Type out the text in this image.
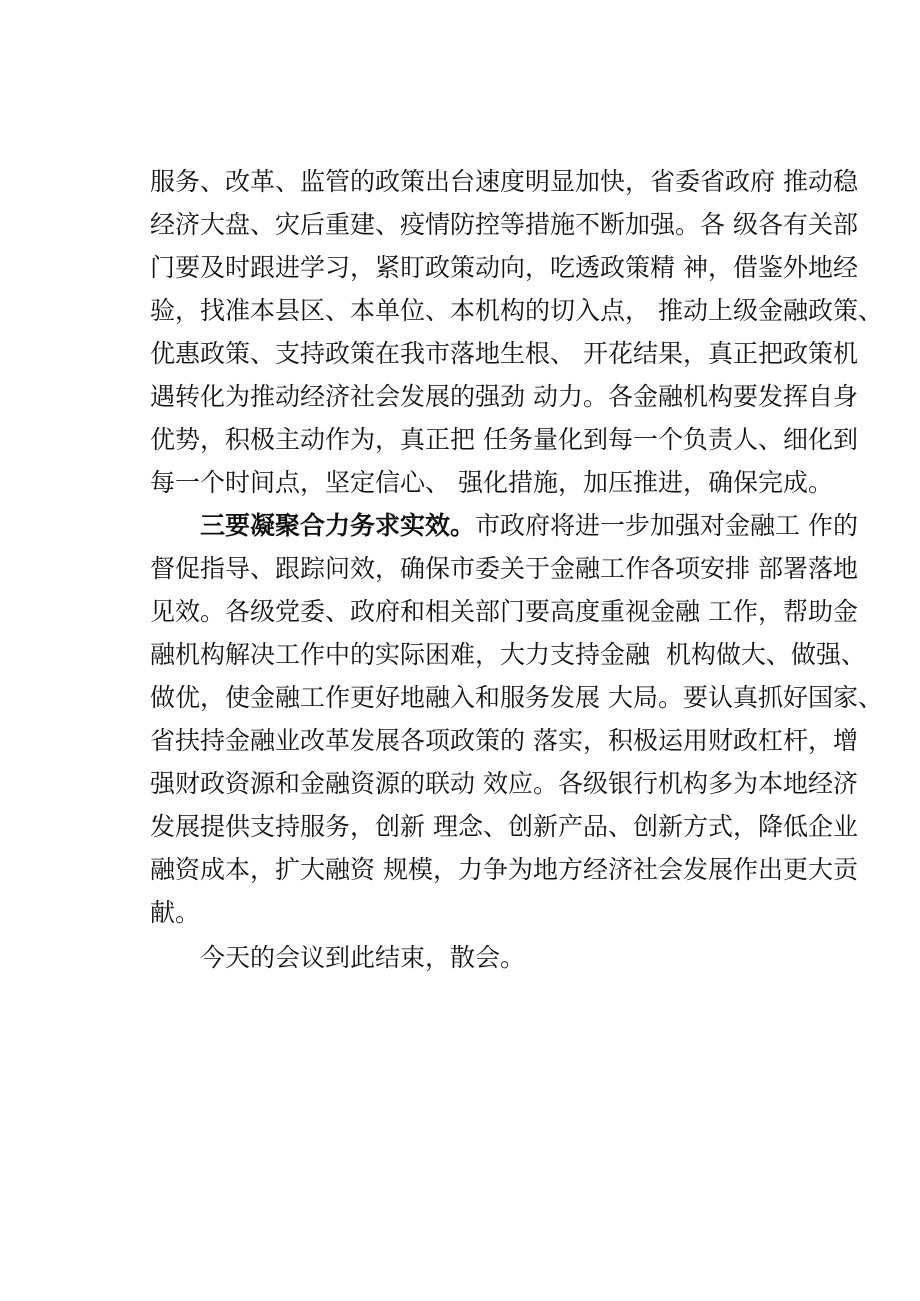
服务、改革、监管的政策出台速度明显加快，省委省政府 推动稳
经济大盘、灾后重建、疫情防控等措施不断加强。各 级各有关部
门要及时跟进学习，紧盯政策动向，吃透政策精 神，借鉴外地经
验，找准本县区、本单位、本机构的切入点， 推动上级金融政策、
优惠政策、支持政策在我市落地生根、 开花结果，真正把政策机
遇转化为推动经济社会发展的强劲 动力。各金融机构要发挥自身
优势，积极主动作为，真正把 任务量化到每一个负责人、细化到
每一个时间点，坚定信心、 强化措施，加压推进，确保完成。
三要凝聚合力务求实效。市政府将进一步加强对金融工 作的
督促指导、跟踪问效，确保市委关于金融工作各项安排 部署落地
见效。各级党委、政府和相关部门要高度重视金融 工作，帮助金
融机构解决工作中的实际困难，大力支持金融  机构做大、做强、
做优，使金融工作更好地融入和服务发展 大局。要认真抓好国家、
省扶持金融业改革发展各项政策的 落实，积极运用财政杠杆，增
强财政资源和金融资源的联动 效应。各级银行机构多为本地经济
发展提供支持服务，创新 理念、创新产品、创新方式，降低企业
融资成本，扩大融资 规模，力争为地方经济社会发展作出更大贡
献。
今天的会议到此结束，散会。
